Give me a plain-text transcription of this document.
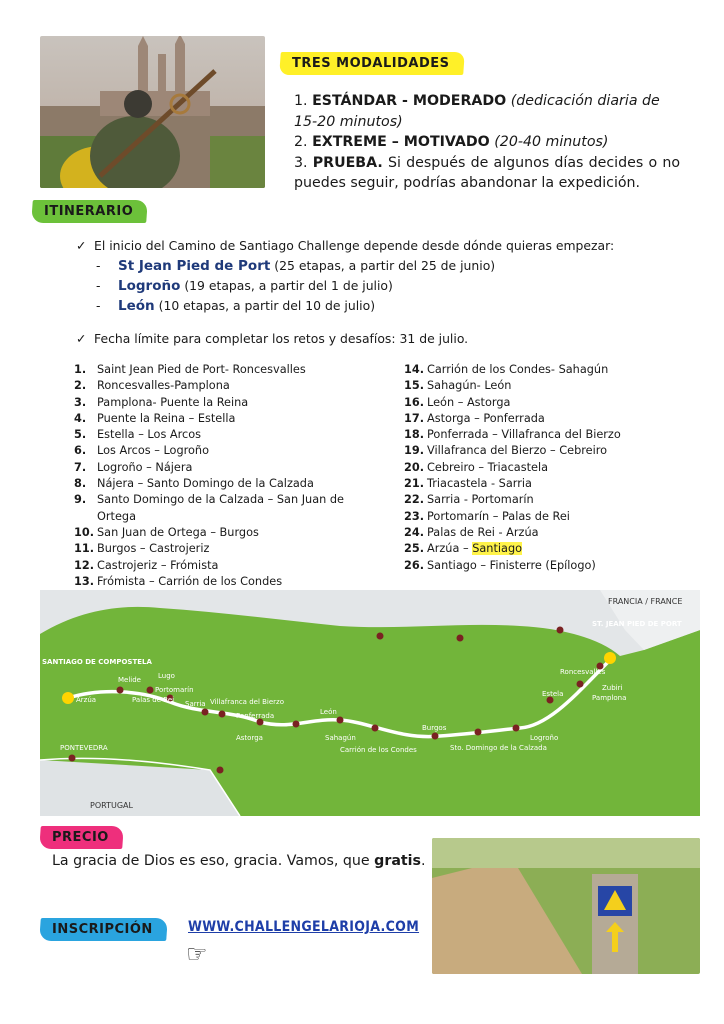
TRES MODALIDADES

1. ESTÁNDAR - MODERADO (dedicación diaria de 15-20 minutos)

2. EXTREME – MOTIVADO (20-40 minutos)

3. PRUEBA. Si después de algunos días decides o no puedes seguir, podrías abandonar la expedición.

ITINERARIO
✓ El inicio del Camino de Santiago Challenge depende desde dónde quieras empezar:
- St Jean Pied de Port (25 etapas, a partir del 25 de junio)
- Logroño (19 etapas, a partir del 1 de julio)
- León (10 etapas, a partir del 10 de julio)
✓ Fecha límite para completar los retos y desafíos: 31 de julio.
1. Saint Jean Pied de Port- Roncesvalles
2. Roncesvalles-Pamplona
3. Pamplona- Puente la Reina
4. Puente la Reina – Estella
5. Estella – Los Arcos
6. Los Arcos – Logroño
7. Logroño – Nájera
8. Nájera – Santo Domingo de la Calzada
9. Santo Domingo de la Calzada – San Juan de Ortega
10. San Juan de Ortega – Burgos
11. Burgos – Castrojeriz
12. Castrojeriz – Frómista
13. Frómista – Carrión de los Condes
14. Carrión de los Condes- Sahagún
15. Sahagún- León
16. León – Astorga
17. Astorga – Ponferrada
18. Ponferrada – Villafranca del Bierzo
19. Villafranca del Bierzo – Cebreiro
20. Cebreiro – Triacastela
21. Triacastela - Sarria
22. Sarria - Portomarín
23. Portomarín – Palas de Rei
24. Palas de Rei - Arzúa
25. Arzúa – Santiago
26. Santiago – Finisterre (Epílogo)
SANTIAGO DE COMPOSTELA
ST. JEAN PIED DE PORT
Arzúa
Melide
Palas de Rei
Portomarín
Sarria
Lugo
Villafranca del Bierzo
Ponferrada
Astorga
León
Sahagún
Carrión de los Condes
Burgos
Sto. Domingo de la Calzada
Logroño
Estela
Roncesvalles
Zubiri
Pamplona
PONTEVEDRA
FRANCIA / FRANCE
PORTUGAL
PRECIO
La gracia de Dios es eso, gracia. Vamos, que gratis.
INSCRIPCIÓN	WWW.CHALLENGELARIOJA.COM
☞
